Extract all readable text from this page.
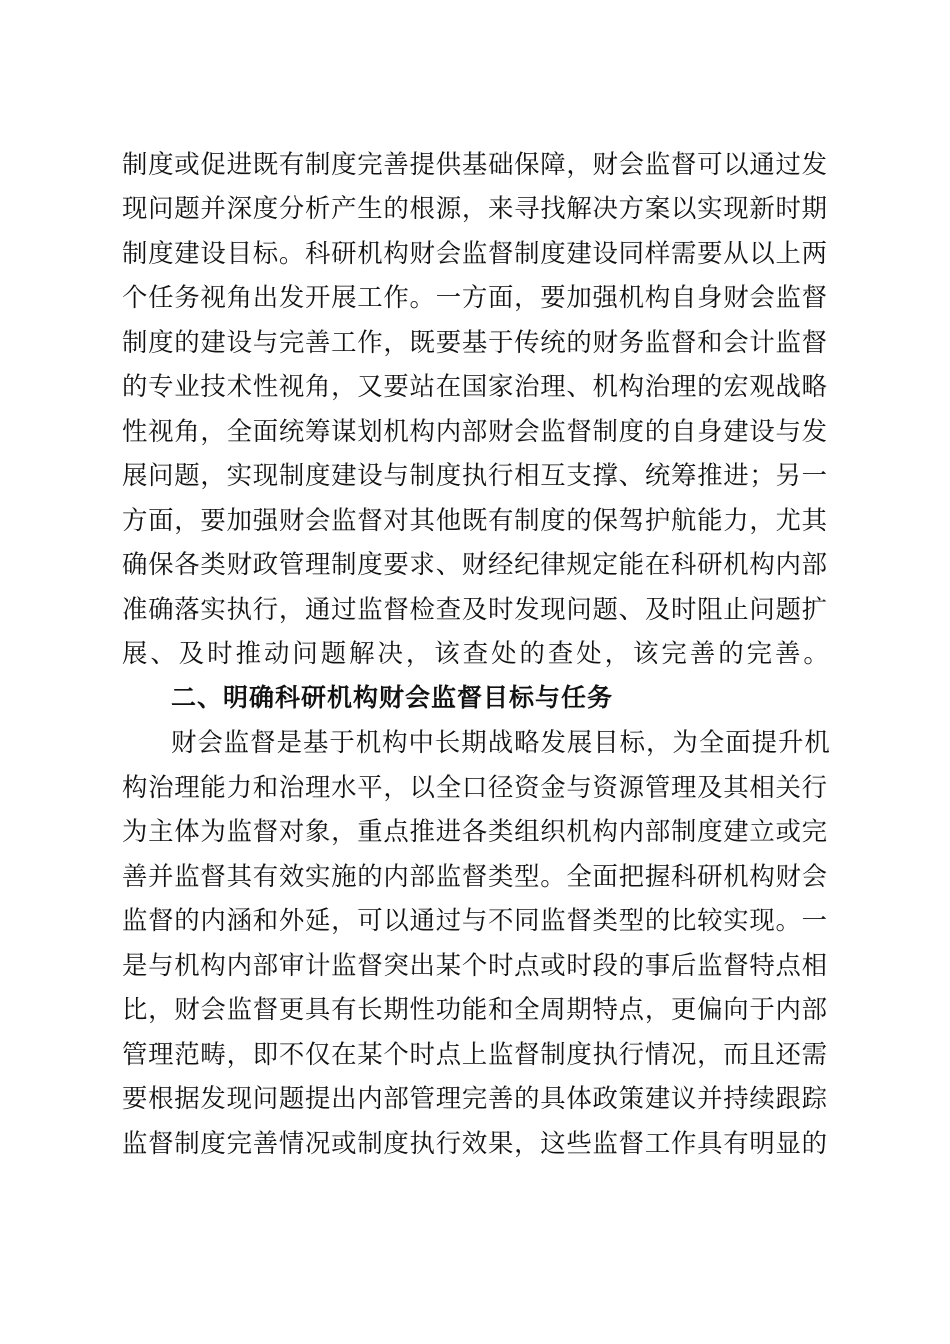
制度或促进既有制度完善提供基础保障，财会监督可以通过发
现问题并深度分析产生的根源，来寻找解决方案以实现新时期
制度建设目标。科研机构财会监督制度建设同样需要从以上两
个任务视角出发开展工作。一方面，要加强机构自身财会监督
制度的建设与完善工作，既要基于传统的财务监督和会计监督
的专业技术性视角，又要站在国家治理、机构治理的宏观战略
性视角，全面统筹谋划机构内部财会监督制度的自身建设与发
展问题，实现制度建设与制度执行相互支撑、统筹推进；另一
方面，要加强财会监督对其他既有制度的保驾护航能力，尤其
确保各类财政管理制度要求、财经纪律规定能在科研机构内部
准确落实执行，通过监督检查及时发现问题、及时阻止问题扩
展、及时推动问题解决，该查处的查处，该完善的完善。
二、明确科研机构财会监督目标与任务
财会监督是基于机构中长期战略发展目标，为全面提升机
构治理能力和治理水平，以全口径资金与资源管理及其相关行
为主体为监督对象，重点推进各类组织机构内部制度建立或完
善并监督其有效实施的内部监督类型。全面把握科研机构财会
监督的内涵和外延，可以通过与不同监督类型的比较实现。一
是与机构内部审计监督突出某个时点或时段的事后监督特点相
比，财会监督更具有长期性功能和全周期特点，更偏向于内部
管理范畴，即不仅在某个时点上监督制度执行情况，而且还需
要根据发现问题提出内部管理完善的具体政策建议并持续跟踪
监督制度完善情况或制度执行效果，这些监督工作具有明显的
